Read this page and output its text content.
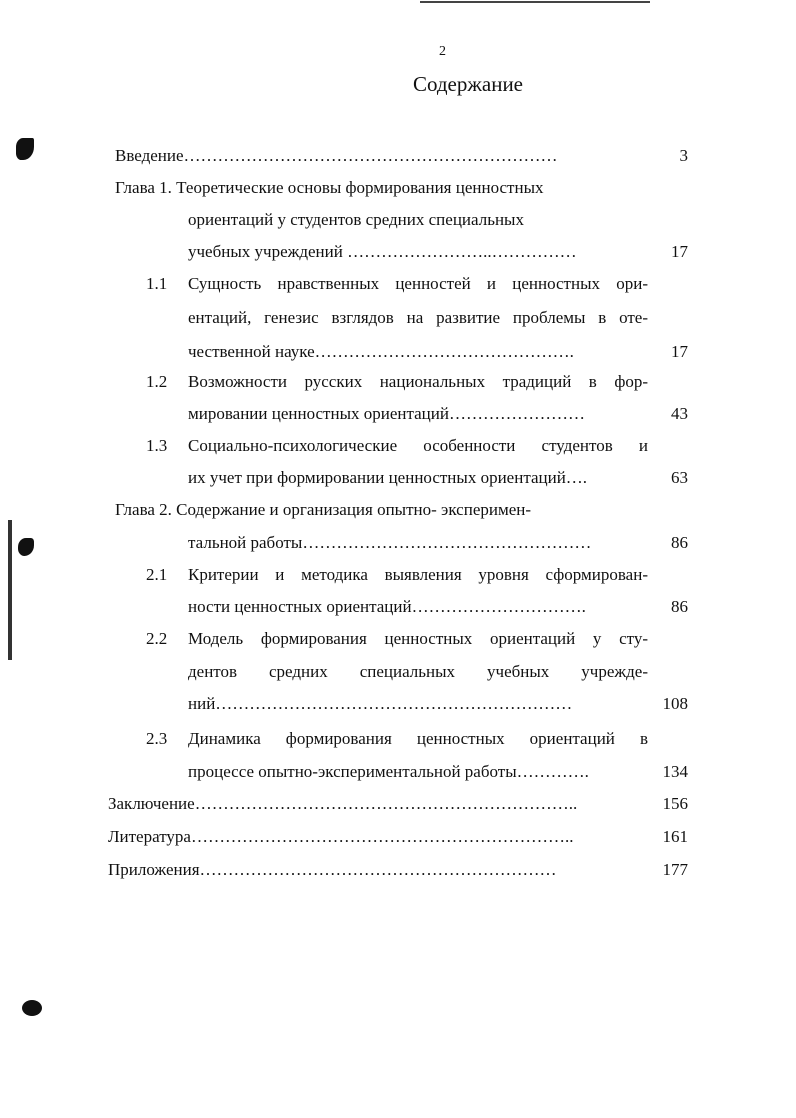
2
Содержание
Введение…………………………………………………………	3
Глава 1. Теоретические основы формирования ценностных
ориентаций у студентов средних специальных
учебных учреждений ……………………..……………	17
1.1 Сущность нравственных ценностей и ценностных ори-
ентаций, генезис взглядов на развитие проблемы в оте-
чественной науке……………………………………….	17
1.2 Возможности русских национальных традиций в фор-
мировании ценностных ориентаций……………………	43
1.3 Социально-психологические особенности студентов и
их учет при формировании ценностных ориентаций….	63
Глава 2. Содержание и организация опытно- эксперимен-
тальной работы……………………………………………	86
2.1 Критерии и методика выявления уровня сформирован-
ности ценностных ориентаций………………………….	86
2.2 Модель формирования ценностных ориентаций у сту-
дентов средних специальных учебных учрежде-
ний………………………………………………………	108
2.3 Динамика формирования ценностных ориентаций в
процессе опытно-экспериментальной работы………….	134
Заключение…………………………………………………………..	156
Литература…………………………………………………………..	161
Приложения………………………………………………………	177
